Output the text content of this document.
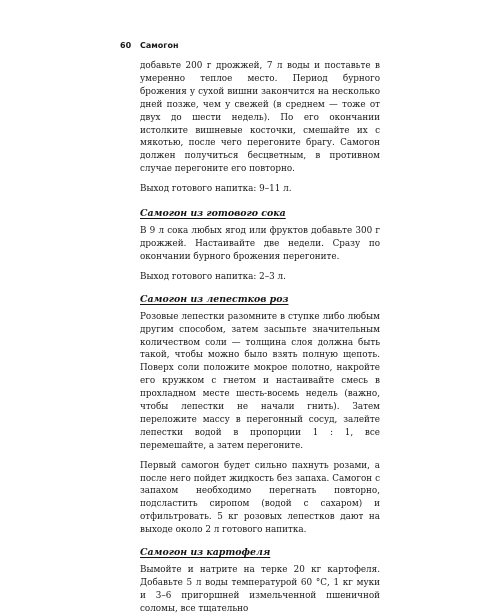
60 Самогон

добавьте 200 г дрожжей, 7 л воды и поставьте в умеренно теплое место. Период бурного брожения у сухой вишни закончится на несколько дней позже, чем у свежей (в среднем — тоже от двух до шести недель). По его окончании истолките вишневые косточки, смешайте их с мякотью, после чего перегоните брагу. Самогон должен получиться бесцветным, в противном случае перегоните его повторно.

Выход готового напитка: 9–11 л.

Самогон из готового сока

В 9 л сока любых ягод или фруктов добавьте 300 г дрожжей. Настаивайте две недели. Сразу по окончании бурного брожения перегоните.

Выход готового напитка: 2–3 л.

Самогон из лепестков роз

Розовые лепестки разомните в ступке либо любым другим способом, затем засыпьте значительным количеством соли — толщина слоя должна быть такой, чтобы можно было взять полную щепоть. Поверх соли положите мокрое полотно, накройте его кружком с гнетом и настаивайте смесь в прохладном месте шесть-восемь недель (важно, чтобы лепестки не начали гнить). Затем переложите массу в перегонный сосуд, залейте лепестки водой в пропорции 1 : 1, все перемешайте, а затем перегоните.

Первый самогон будет сильно пахнуть розами, а после него пойдет жидкость без запаха. Самогон с запахом необходимо перегнать повторно, подсластить сиропом (водой с сахаром) и отфильтровать. 5 кг розовых лепестков дают на выходе около 2 л готового напитка.

Самогон из картофеля

Вымойте и натрите на терке 20 кг картофеля. Добавьте 5 л воды температурой 60 °С, 1 кг муки и 3–6 пригоршней измельченной пшеничной соломы, все тщательно
